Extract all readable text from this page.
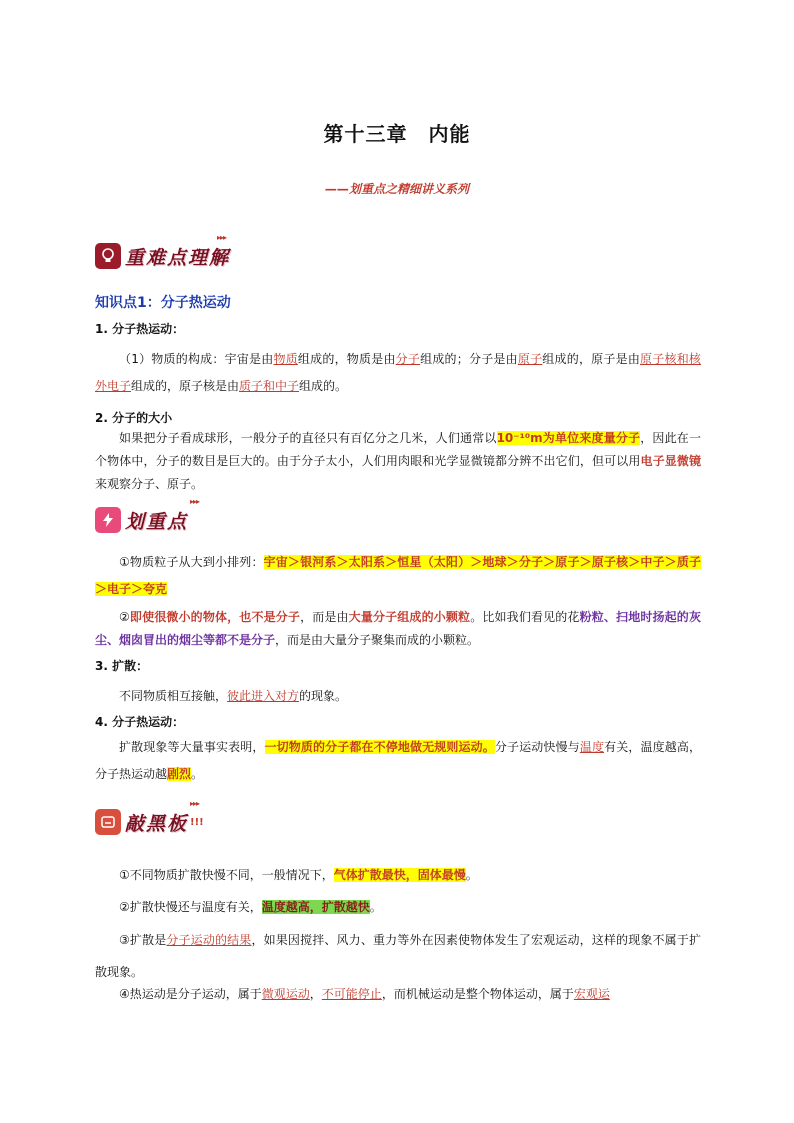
第十三章　内能
——划重点之精细讲义系列
重难点理解
▸▸▸
知识点1：分子热运动
1. 分子热运动：
（1）物质的构成：宇宙是由物质组成的，物质是由分子组成的；分子是由原子组成的，原子是由原子核和核外电子组成的，原子核是由质子和中子组成的。
2. 分子的大小
如果把分子看成球形，一般分子的直径只有百亿分之几米，人们通常以10⁻¹⁰m为单位来度量分子，因此在一个物体中，分子的数目是巨大的。由于分子太小，人们用肉眼和光学显微镜都分辨不出它们，但可以用电子显微镜来观察分子、原子。
划重点
▸▸▸
①物质粒子从大到小排列：宇宙＞银河系＞太阳系＞恒星（太阳）＞地球＞分子＞原子＞原子核＞中子＞质子＞电子＞夸克
②即使很微小的物体，也不是分子，而是由大量分子组成的小颗粒。比如我们看见的花粉粒、扫地时扬起的灰尘、烟囱冒出的烟尘等都不是分子，而是由大量分子聚集而成的小颗粒。
3. 扩散：
不同物质相互接触，彼此进入对方的现象。
4. 分子热运动：
扩散现象等大量事实表明，一切物质的分子都在不停地做无规则运动。分子运动快慢与温度有关，温度越高，分子热运动越剧烈。
敲黑板 !!!
▸▸▸
①不同物质扩散快慢不同，一般情况下，气体扩散最快，固体最慢。
②扩散快慢还与温度有关，温度越高，扩散越快。
③扩散是分子运动的结果，如果因搅拌、风力、重力等外在因素使物体发生了宏观运动，这样的现象不属于扩散现象。
④热运动是分子运动，属于微观运动，不可能停止，而机械运动是整个物体运动，属于宏观运
